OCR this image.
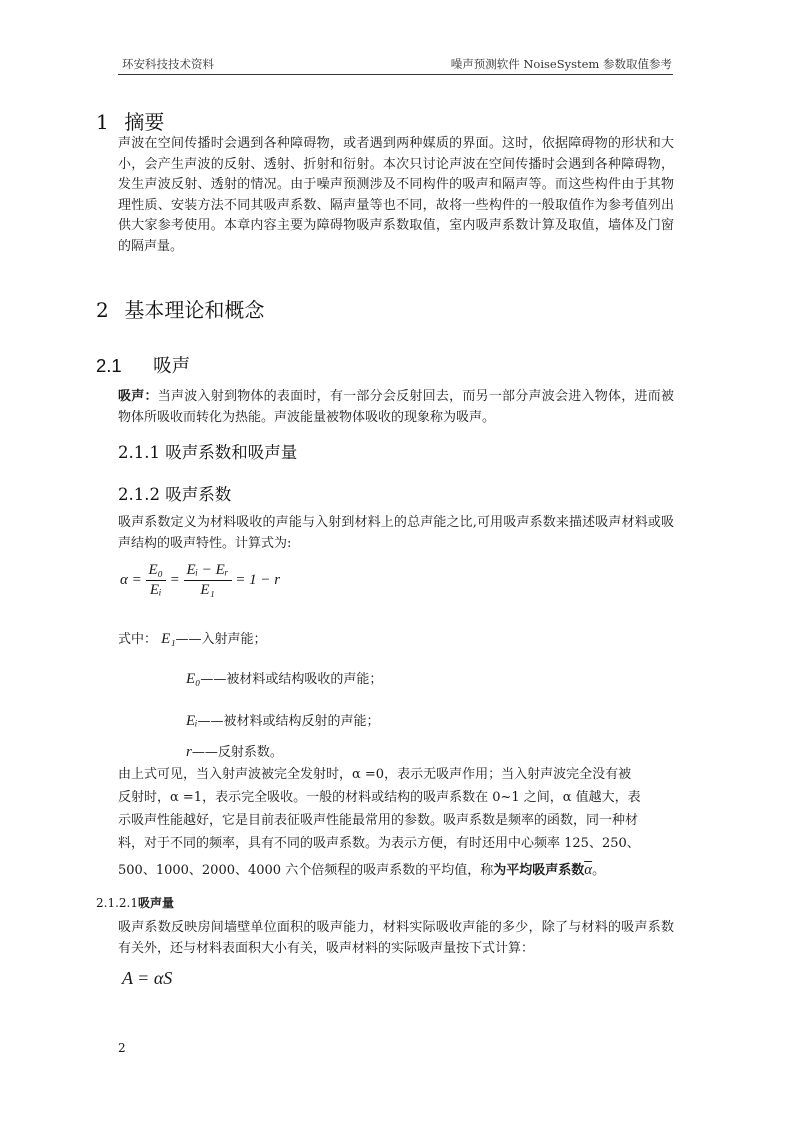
环安科技技术资料	噪声预测软件 NoiseSystem 参数取值参考
1 摘要
声波在空间传播时会遇到各种障碍物，或者遇到两种媒质的界面。这时，依据障碍物的形状和大小，会产生声波的反射、透射、折射和衍射。本次只讨论声波在空间传播时会遇到各种障碍物，发生声波反射、透射的情况。由于噪声预测涉及不同构件的吸声和隔声等。而这些构件由于其物理性质、安装方法不同其吸声系数、隔声量等也不同，故将一些构件的一般取值作为参考值列出供大家参考使用。本章内容主要为障碍物吸声系数取值，室内吸声系数计算及取值，墙体及门窗的隔声量。
2 基本理论和概念
2.1 吸声
吸声：当声波入射到物体的表面时，有一部分会反射回去，而另一部分声波会进入物体，进而被物体所吸收而转化为热能。声波能量被物体吸收的现象称为吸声。
2.1.1 吸声系数和吸声量
2.1.2 吸声系数
吸声系数定义为材料吸收的声能与入射到材料上的总声能之比,可用吸声系数来描述吸声材料或吸声结构的吸声特性。计算式为:
$\alpha = \frac{\text{E₀}}{\text{Eᵢ}} = \frac{\text{Eᵢ − Eᵣ}}{\text{E₁}} = 1 - r$
式中： E₁——入射声能；
E₀——被材料或结构吸收的声能；
Eᵢ——被材料或结构反射的声能；
r——反射系数。
由上式可见，当入射声波被完全发射时，α =0，表示无吸声作用；当入射声波完全没有被
反射时，α =1，表示完全吸收。一般的材料或结构的吸声系数在 0~1 之间，α 值越大，表
示吸声性能越好，它是目前表征吸声性能最常用的参数。吸声系数是频率的函数，同一种材
料，对于不同的频率，具有不同的吸声系数。为表示方便，有时还用中心频率 125、250、
500、1000、2000、4000 六个倍频程的吸声系数的平均值，称为平均吸声系数$\overline{\alpha}$。
2.1.2.1吸声量
吸声系数反映房间墙壁单位面积的吸声能力，材料实际吸收声能的多少，除了与材料的吸声系数有关外，还与材料表面积大小有关，吸声材料的实际吸声量按下式计算：
A = αS
2
